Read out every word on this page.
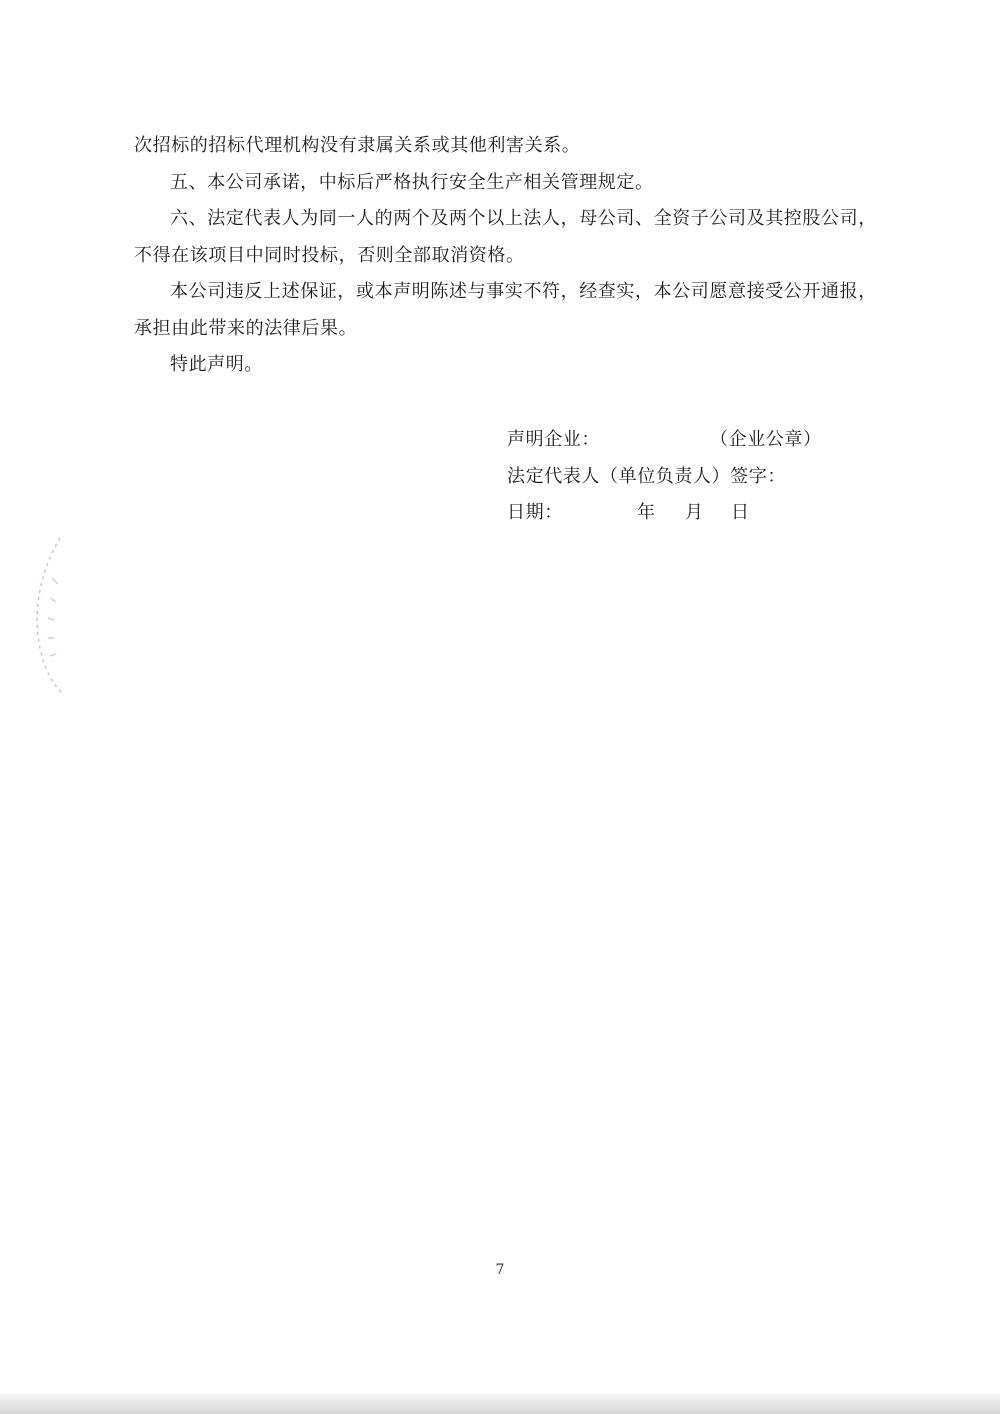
次招标的招标代理机构没有隶属关系或其他利害关系。

五、本公司承诺，中标后严格执行安全生产相关管理规定。

六、法定代表人为同一人的两个及两个以上法人，母公司、全资子公司及其控股公司，不得在该项目中同时投标，否则全部取消资格。

本公司违反上述保证，或本声明陈述与事实不符，经查实，本公司愿意接受公开通报，承担由此带来的法律后果。

特此声明。

声明企业：	（企业公章）
法定代表人（单位负责人）签字：
日期：	年 月 日
7
